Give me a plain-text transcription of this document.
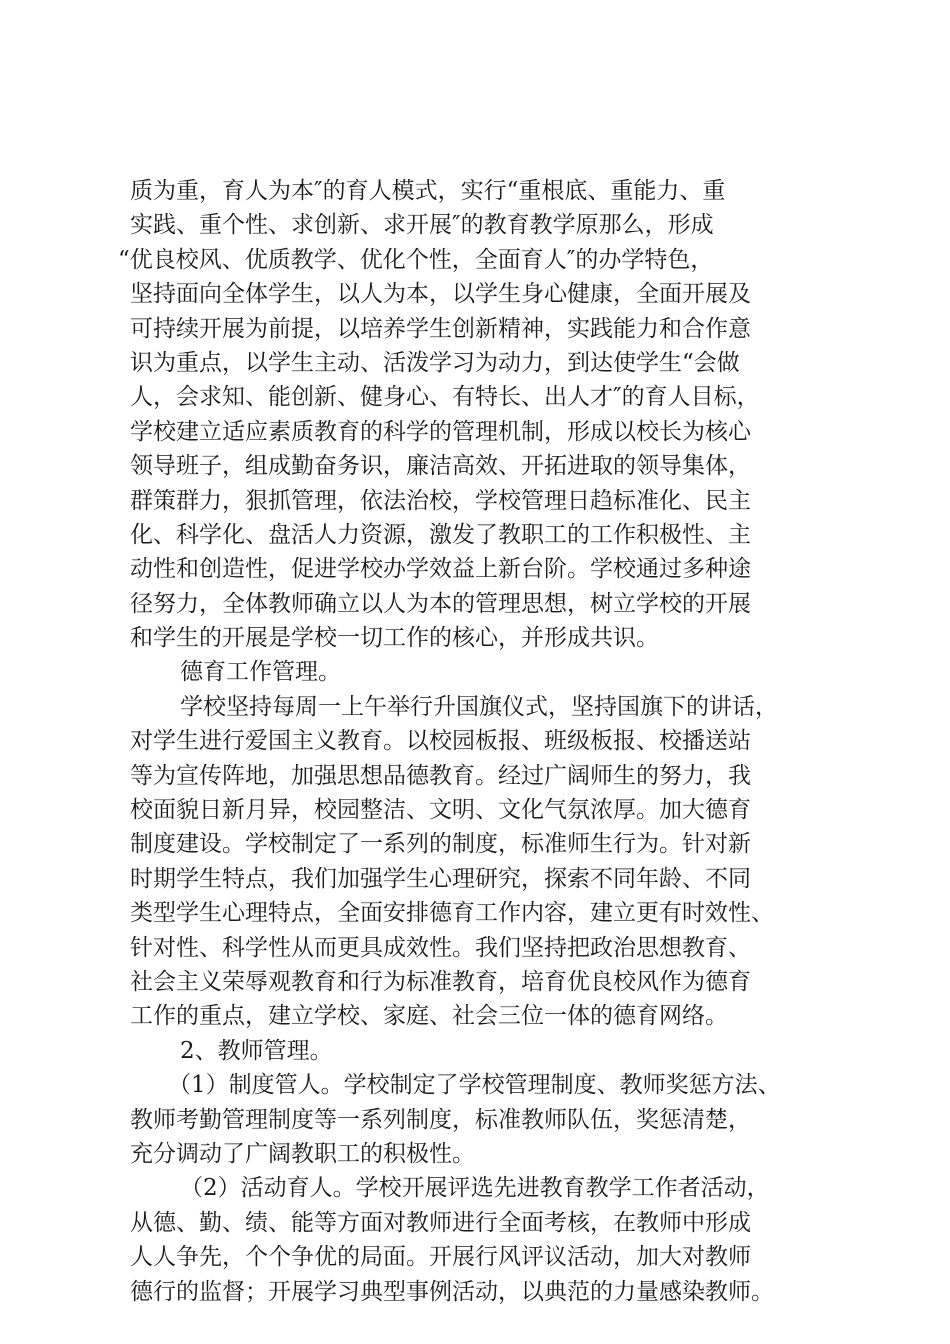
质为重，育人为本″的育人模式，实行“重根底、重能力、重
实践、重个性、求创新、求开展″的教育教学原那么，形成
“优良校风、优质教学、优化个性，全面育人″的办学特色，
坚持面向全体学生，以人为本，以学生身心健康，全面开展及
可持续开展为前提，以培养学生创新精神，实践能力和合作意
识为重点，以学生主动、活泼学习为动力，到达使学生“会做
人，会求知、能创新、健身心、有特长、出人才″的育人目标，
学校建立适应素质教育的科学的管理机制，形成以校长为核心
领导班子，组成勤奋务识，廉洁高效、开拓进取的领导集体，
群策群力，狠抓管理，依法治校，学校管理日趋标准化、民主
化、科学化、盘活人力资源，激发了教职工的工作积极性、主
动性和创造性，促进学校办学效益上新台阶。学校通过多种途
径努力，全体教师确立以人为本的管理思想，树立学校的开展
和学生的开展是学校一切工作的核心，并形成共识。
德育工作管理。
学校坚持每周一上午举行升国旗仪式，坚持国旗下的讲话，
对学生进行爱国主义教育。以校园板报、班级板报、校播送站
等为宣传阵地，加强思想品德教育。经过广阔师生的努力，我
校面貌日新月异，校园整洁、文明、文化气氛浓厚。加大德育
制度建设。学校制定了一系列的制度，标准师生行为。针对新
时期学生特点，我们加强学生心理研究，探索不同年龄、不同
类型学生心理特点，全面安排德育工作内容，建立更有时效性、
针对性、科学性从而更具成效性。我们坚持把政治思想教育、
社会主义荣辱观教育和行为标准教育，培育优良校风作为德育
工作的重点，建立学校、家庭、社会三位一体的德育网络。
2、教师管理。
（1）制度管人。学校制定了学校管理制度、教师奖惩方法、
教师考勤管理制度等一系列制度，标准教师队伍，奖惩清楚，
充分调动了广阔教职工的积极性。
（2）活动育人。学校开展评选先进教育教学工作者活动，
从德、勤、绩、能等方面对教师进行全面考核，在教师中形成
人人争先，个个争优的局面。开展行风评议活动，加大对教师
德行的监督；开展学习典型事例活动，以典范的力量感染教师。
